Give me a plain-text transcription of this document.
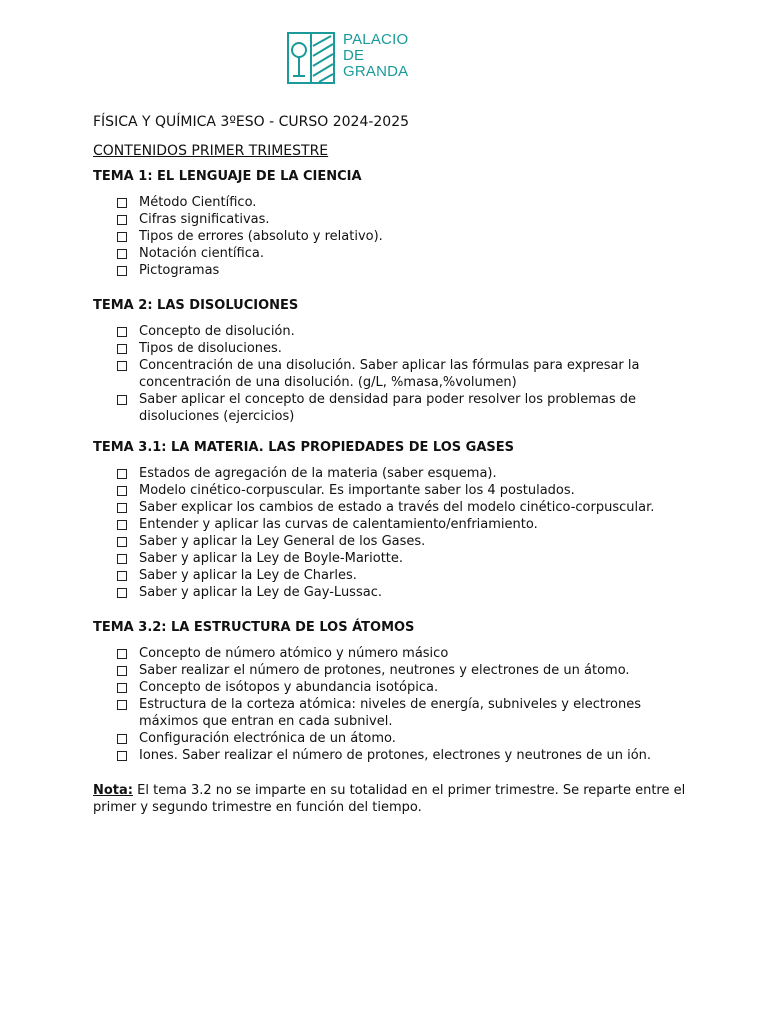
PALACIO
DE
GRANDA

FÍSICA Y QUÍMICA 3ºESO - CURSO 2024-2025

CONTENIDOS PRIMER TRIMESTRE

TEMA 1: EL LENGUAJE DE LA CIENCIA

Método Científico.
Cifras significativas.
Tipos de errores (absoluto y relativo).
Notación científica.
Pictogramas

TEMA 2: LAS DISOLUCIONES

Concepto de disolución.
Tipos de disoluciones.
Concentración de una disolución. Saber aplicar las fórmulas para expresar la concentración de una disolución. (g/L, %masa,%volumen)
Saber aplicar el concepto de densidad para poder resolver los problemas de disoluciones (ejercicios)

TEMA 3.1: LA MATERIA. LAS PROPIEDADES DE LOS GASES

Estados de agregación de la materia (saber esquema).
Modelo cinético-corpuscular. Es importante saber los 4 postulados.
Saber explicar los cambios de estado a través del modelo cinético-corpuscular.
Entender y aplicar las curvas de calentamiento/enfriamiento.
Saber y aplicar la Ley General de los Gases.
Saber y aplicar la Ley de Boyle-Mariotte.
Saber y aplicar la Ley de Charles.
Saber y aplicar la Ley de Gay-Lussac.

TEMA 3.2: LA ESTRUCTURA DE LOS ÁTOMOS

Concepto de número atómico y número másico
Saber realizar el número de protones, neutrones y electrones de un átomo.
Concepto de isótopos y abundancia isotópica.
Estructura de la corteza atómica: niveles de energía, subniveles y electrones máximos que entran en cada subnivel.
Configuración electrónica de un átomo.
Iones. Saber realizar el número de protones, electrones y neutrones de un ión.

Nota: El tema 3.2 no se imparte en su totalidad en el primer trimestre. Se reparte entre el primer y segundo trimestre en función del tiempo.
